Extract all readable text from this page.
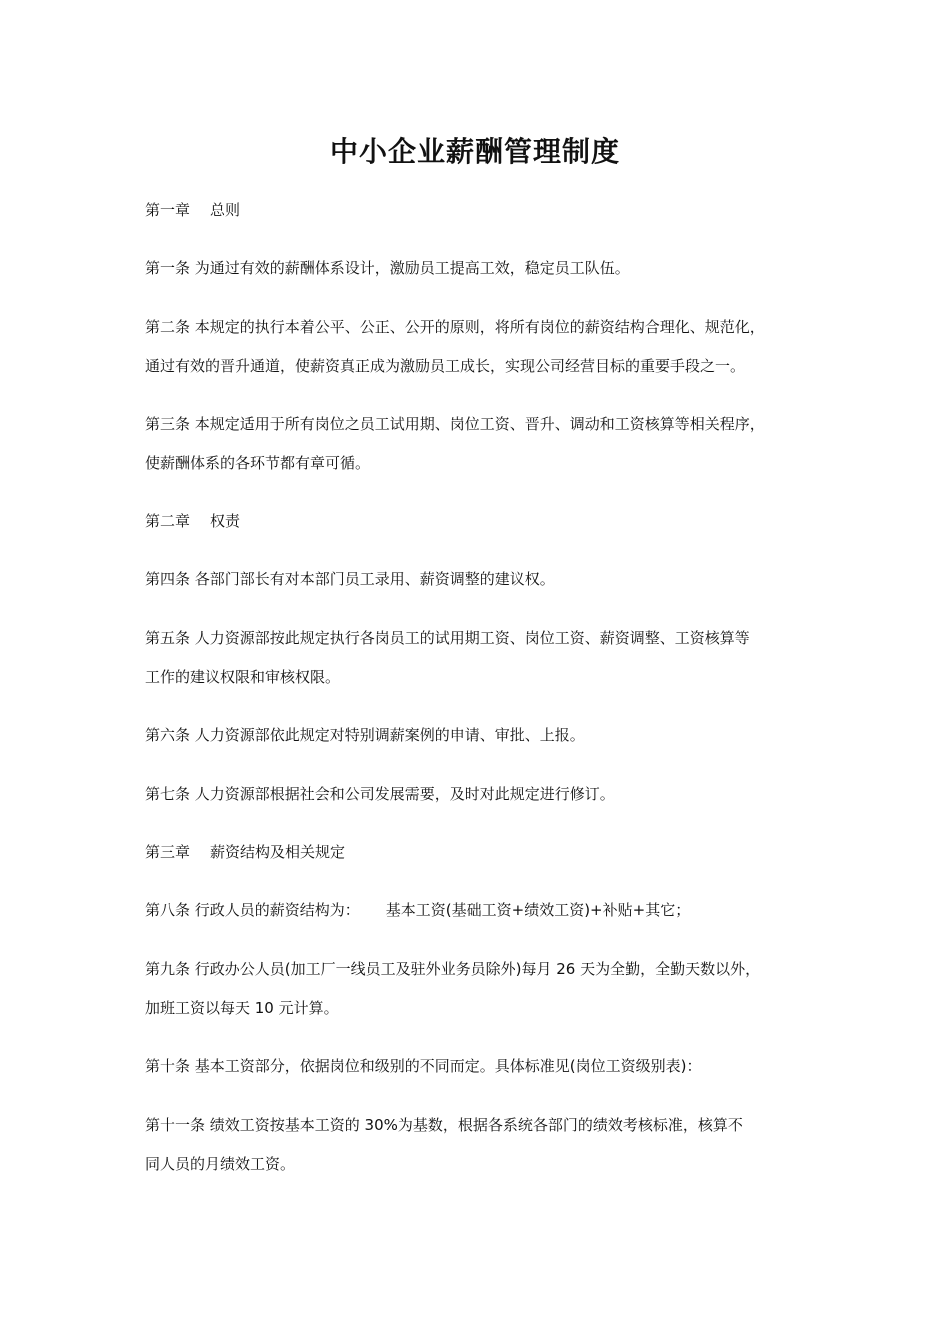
中小企业薪酬管理制度
第一章 总则
第一条 为通过有效的薪酬体系设计，激励员工提高工效，稳定员工队伍。
第二条 本规定的执行本着公平、公正、公开的原则，将所有岗位的薪资结构合理化、规范化，
通过有效的晋升通道，使薪资真正成为激励员工成长，实现公司经营目标的重要手段之一。
第三条 本规定适用于所有岗位之员工试用期、岗位工资、晋升、调动和工资核算等相关程序，
使薪酬体系的各环节都有章可循。
第二章 权责
第四条 各部门部长有对本部门员工录用、薪资调整的建议权。
第五条 人力资源部按此规定执行各岗员工的试用期工资、岗位工资、薪资调整、工资核算等
工作的建议权限和审核权限。
第六条 人力资源部依此规定对特别调薪案例的申请、审批、上报。
第七条 人力资源部根据社会和公司发展需要，及时对此规定进行修订。
第三章 薪资结构及相关规定
第八条 行政人员的薪资结构为： 基本工资(基础工资+绩效工资)+补贴+其它；
第九条 行政办公人员(加工厂一线员工及驻外业务员除外)每月 26 天为全勤，全勤天数以外，
加班工资以每天 10 元计算。
第十条 基本工资部分，依据岗位和级别的不同而定。具体标准见(岗位工资级别表)：
第十一条 绩效工资按基本工资的 30%为基数，根据各系统各部门的绩效考核标准，核算不
同人员的月绩效工资。
